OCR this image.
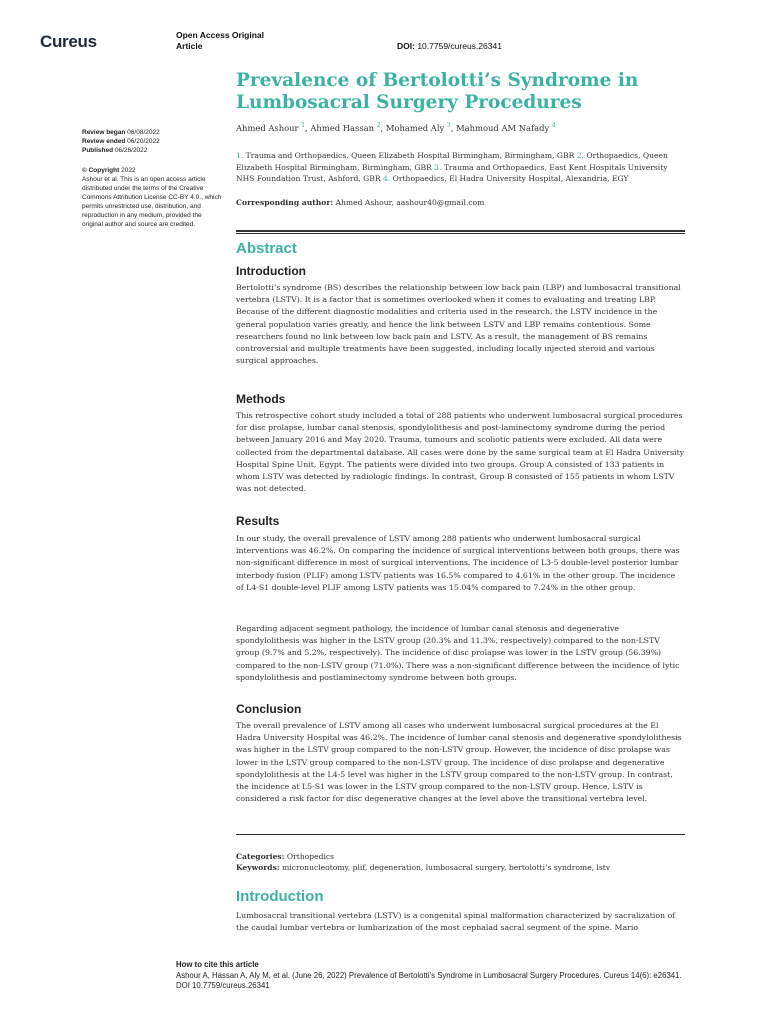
Cureus	Open Access Original
Article	DOI: 10.7759/cureus.26341
Prevalence of Bertolotti’s Syndrome in Lumbosacral Surgery Procedures
Ahmed Ashour $^1$, Ahmed Hassan $^2$, Mohamed Aly $^3$, Mahmoud AM Nafady $^4$
1. Trauma and Orthopaedics, Queen Elizabeth Hospital Birmingham, Birmingham, GBR 2. Orthopaedics, Queen Elizabeth Hospital Birmingham, Birmingham, GBR 3. Trauma and Orthopaedics, East Kent Hospitals University NHS Foundation Trust, Ashford, GBR 4. Orthopaedics, El Hadra University Hospital, Alexandria, EGY
Corresponding author: Ahmed Ashour, aashour40@gmail.com
Review began 06/08/2022
Review ended 06/20/2022
Published 06/26/2022
© Copyright 2022
Ashour et al. This is an open access article distributed under the terms of the Creative Commons Attribution License CC-BY 4.0., which permits unrestricted use, distribution, and reproduction in any medium, provided the original author and source are credited.
Abstract
Introduction
Bertolotti’s syndrome (BS) describes the relationship between low back pain (LBP) and lumbosacral transitional vertebra (LSTV). It is a factor that is sometimes overlooked when it comes to evaluating and treating LBP. Because of the different diagnostic modalities and criteria used in the research, the LSTV incidence in the general population varies greatly, and hence the link between LSTV and LBP remains contentious. Some researchers found no link between low back pain and LSTV. As a result, the management of BS remains controversial and multiple treatments have been suggested, including locally injected steroid and various surgical approaches.
Methods
This retrospective cohort study included a total of 288 patients who underwent lumbosacral surgical procedures for disc prolapse, lumbar canal stenosis, spondylolithesis and post-laminectomy syndrome during the period between January 2016 and May 2020. Trauma, tumours and scoliotic patients were excluded. All data were collected from the departmental database. All cases were done by the same surgical team at El Hadra University Hospital Spine Unit, Egypt. The patients were divided into two groups. Group A consisted of 133 patients in whom LSTV was detected by radiologic findings. In contrast, Group B consisted of 155 patients in whom LSTV was not detected.
Results
In our study, the overall prevalence of LSTV among 288 patients who underwent lumbosacral surgical interventions was 46.2%. On comparing the incidence of surgical interventions between both groups, there was non-significant difference in most of surgical interventions. The incidence of L3-5 double-level posterior lumbar interbody fusion (PLIF) among LSTV patients was 16.5% compared to 4.61% in the other group. The incidence of L4-S1 double-level PLIF among LSTV patients was 15.04% compared to 7.24% in the other group.
Regarding adjacent segment pathology, the incidence of lumbar canal stenosis and degenerative spondylolithesis was higher in the LSTV group (20.3% and 11.3%, respectively) compared to the non-LSTV group (9.7% and 5.2%, respectively). The incidence of disc prolapse was lower in the LSTV group (56.39%) compared to the non-LSTV group (71.0%). There was a non-significant difference between the incidence of lytic spondylolithesis and postlaminectomy syndrome between both groups.
Conclusion
The overall prevalence of LSTV among all cases who underwent lumbosacral surgical procedures at the El Hadra University Hospital was 46.2%. The incidence of lumbar canal stenosis and degenerative spondylolithesis was higher in the LSTV group compared to the non-LSTV group. However, the incidence of disc prolapse was lower in the LSTV group compared to the non-LSTV group. The incidence of disc prolapse and degenerative spondylolithesis at the L4-5 level was higher in the LSTV group compared to the non-LSTV group. In contrast, the incidence at L5-S1 was lower in the LSTV group compared to the non-LSTV group. Hence, LSTV is considered a risk factor for disc degenerative changes at the level above the transitional vertebra level.
Categories: Orthopedics
Keywords: micronucleotomy, plif, degeneration, lumbosacral surgery, bertolotti’s syndrome, lstv
Introduction
Lumbosacral transitional vertebra (LSTV) is a congenital spinal malformation characterized by sacralization of the caudal lumbar vertebra or lumbarization of the most cephalad sacral segment of the spine. Mario
How to cite this article
Ashour A, Hassan A, Aly M, et al. (June 26, 2022) Prevalence of Bertolotti’s Syndrome in Lumbosacral Surgery Procedures. Cureus 14(6): e26341.
DOI 10.7759/cureus.26341
